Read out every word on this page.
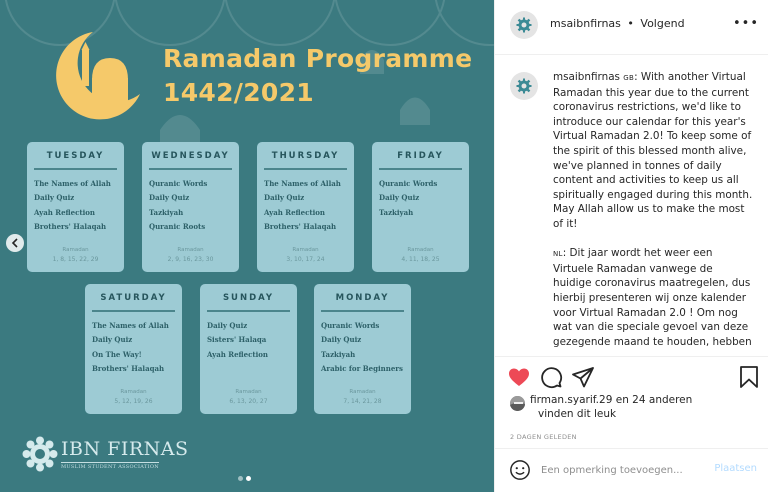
Ramadan Programme
1442/2021
TUESDAY
The Names of Allah
Daily Quiz
Ayah Reflection
Brothers' Halaqah
Ramadan
1, 8, 15, 22, 29
WEDNESDAY
Quranic Words
Daily Quiz
Tazkiyah
Quranic Roots
Ramadan
2, 9, 16, 23, 30
THURSDAY
The Names of Allah
Daily Quiz
Ayah Reflection
Brothers' Halaqah
Ramadan
3, 10, 17, 24
FRIDAY
Quranic Words
Daily Quiz
Tazkiyah
Ramadan
4, 11, 18, 25
SATURDAY
The Names of Allah
Daily Quiz
On The Way!
Brothers' Halaqah
Ramadan
5, 12, 19, 26
SUNDAY
Daily Quiz
Sisters' Halaqa
Ayah Reflection
Ramadan
6, 13, 20, 27
MONDAY
Quranic Words
Daily Quiz
Tazkiyah
Arabic for Beginners
Ramadan
7, 14, 21, 28
IBN FIRNAS
MUSLIM STUDENT ASSOCIATION
msaibnfirnas • Volgend	•••

msaibnfirnas GB: With another Virtual Ramadan this year due to the current coronavirus restrictions, we'd like to introduce our calendar for this year's Virtual Ramadan 2.0! To keep some of the spirit of this blessed month alive, we've planned in tonnes of daily content and activities to keep us all spiritually engaged during this month. May Allah allow us to make the most of it!

NL: Dit jaar wordt het weer een Virtuele Ramadan vanwege de huidige coronavirus maatregelen, dus hierbij presenteren wij onze kalender voor Virtual Ramadan 2.0 ! Om nog wat van die speciale gevoel van deze gezegende maand te houden, hebben

firman.syarif.29 en 24 anderen
vinden dit leuk
2 DAGEN GELEDEN
Een opmerking toevoegen...
Plaatsen
